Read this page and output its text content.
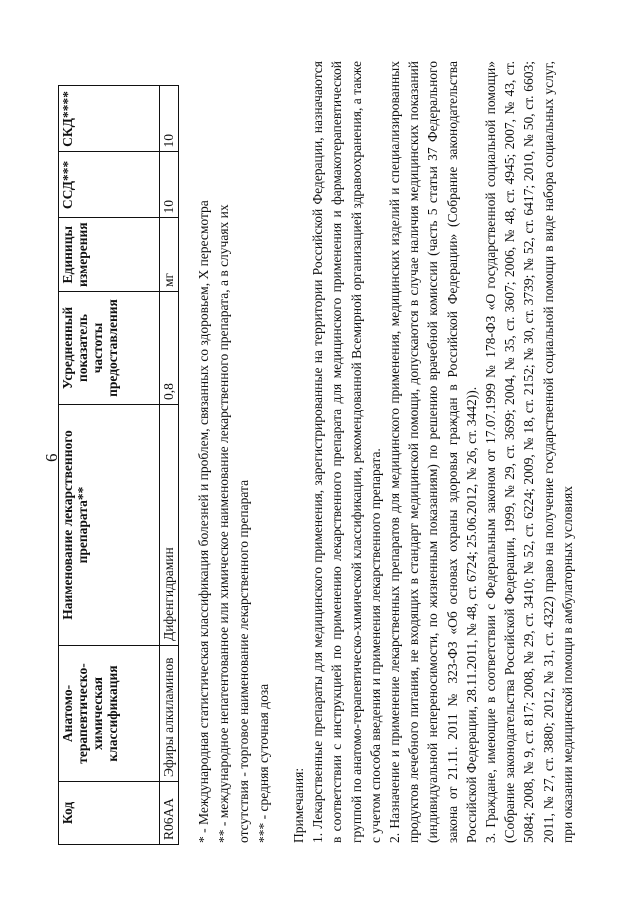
6
Код	Анатомо-терапевтическо-химическая классификация	Наименование лекарственного препарата**	Усредненный показатель частоты предоставления	Единицы измерения	ССД***	СКД****
R06AA	Эфиры алкиламинов	Дифенгидрамин	0,8	мг	10	10
* - Международная статистическая классификация болезней и проблем, связанных со здоровьем, X пересмотра ** - международное непатентованное или химическое наименование лекарственного препарата, а в случаях их отсутствия - торговое наименование лекарственного препарата *** - средняя суточная доза Примечания: 1. Лекарственные препараты для медицинского применения, зарегистрированные на территории Российской Федерации, назначаются в соответствии с инструкцией по применению лекарственного препарата для медицинского применения и фармакотерапевтической группой по анатомо-терапевтическо-химической классификации, рекомендованной Всемирной организацией здравоохранения, а также с учетом способа введения и применения лекарственного препарата. 2. Назначение и применение лекарственных препаратов для медицинского применения, медицинских изделий и специализированных продуктов лечебного питания, не входящих в стандарт медицинской помощи, допускаются в случае наличия медицинских показаний (индивидуальной непереносимости, по жизненным показаниям) по решению врачебной комиссии (часть 5 статьи 37 Федерального закона от 21.11. 2011 № 323-ФЗ «Об основах охраны здоровья граждан в Российской Федерации» (Собрание законодательства Российской Федерации, 28.11.2011, № 48, ст. 6724; 25.06.2012, № 26, ст. 3442)). 3. Граждане, имеющие в соответствии с Федеральным законом от 17.07.1999 № 178-ФЗ «О государственной социальной помощи» (Собрание законодательства Российской Федерации, 1999, № 29, ст. 3699; 2004, № 35, ст. 3607; 2006, № 48, ст. 4945; 2007, № 43, ст. 5084; 2008, № 9, ст. 817; 2008, № 29, ст. 3410; № 52, ст. 6224; 2009, № 18, ст. 2152; № 30, ст. 3739; № 52, ст. 6417; 2010, № 50, ст. 6603; 2011, № 27, ст. 3880; 2012, № 31, ст. 4322) право на получение государственной социальной помощи в виде набора социальных услуг, при оказании медицинской помощи в амбулаторных условиях
